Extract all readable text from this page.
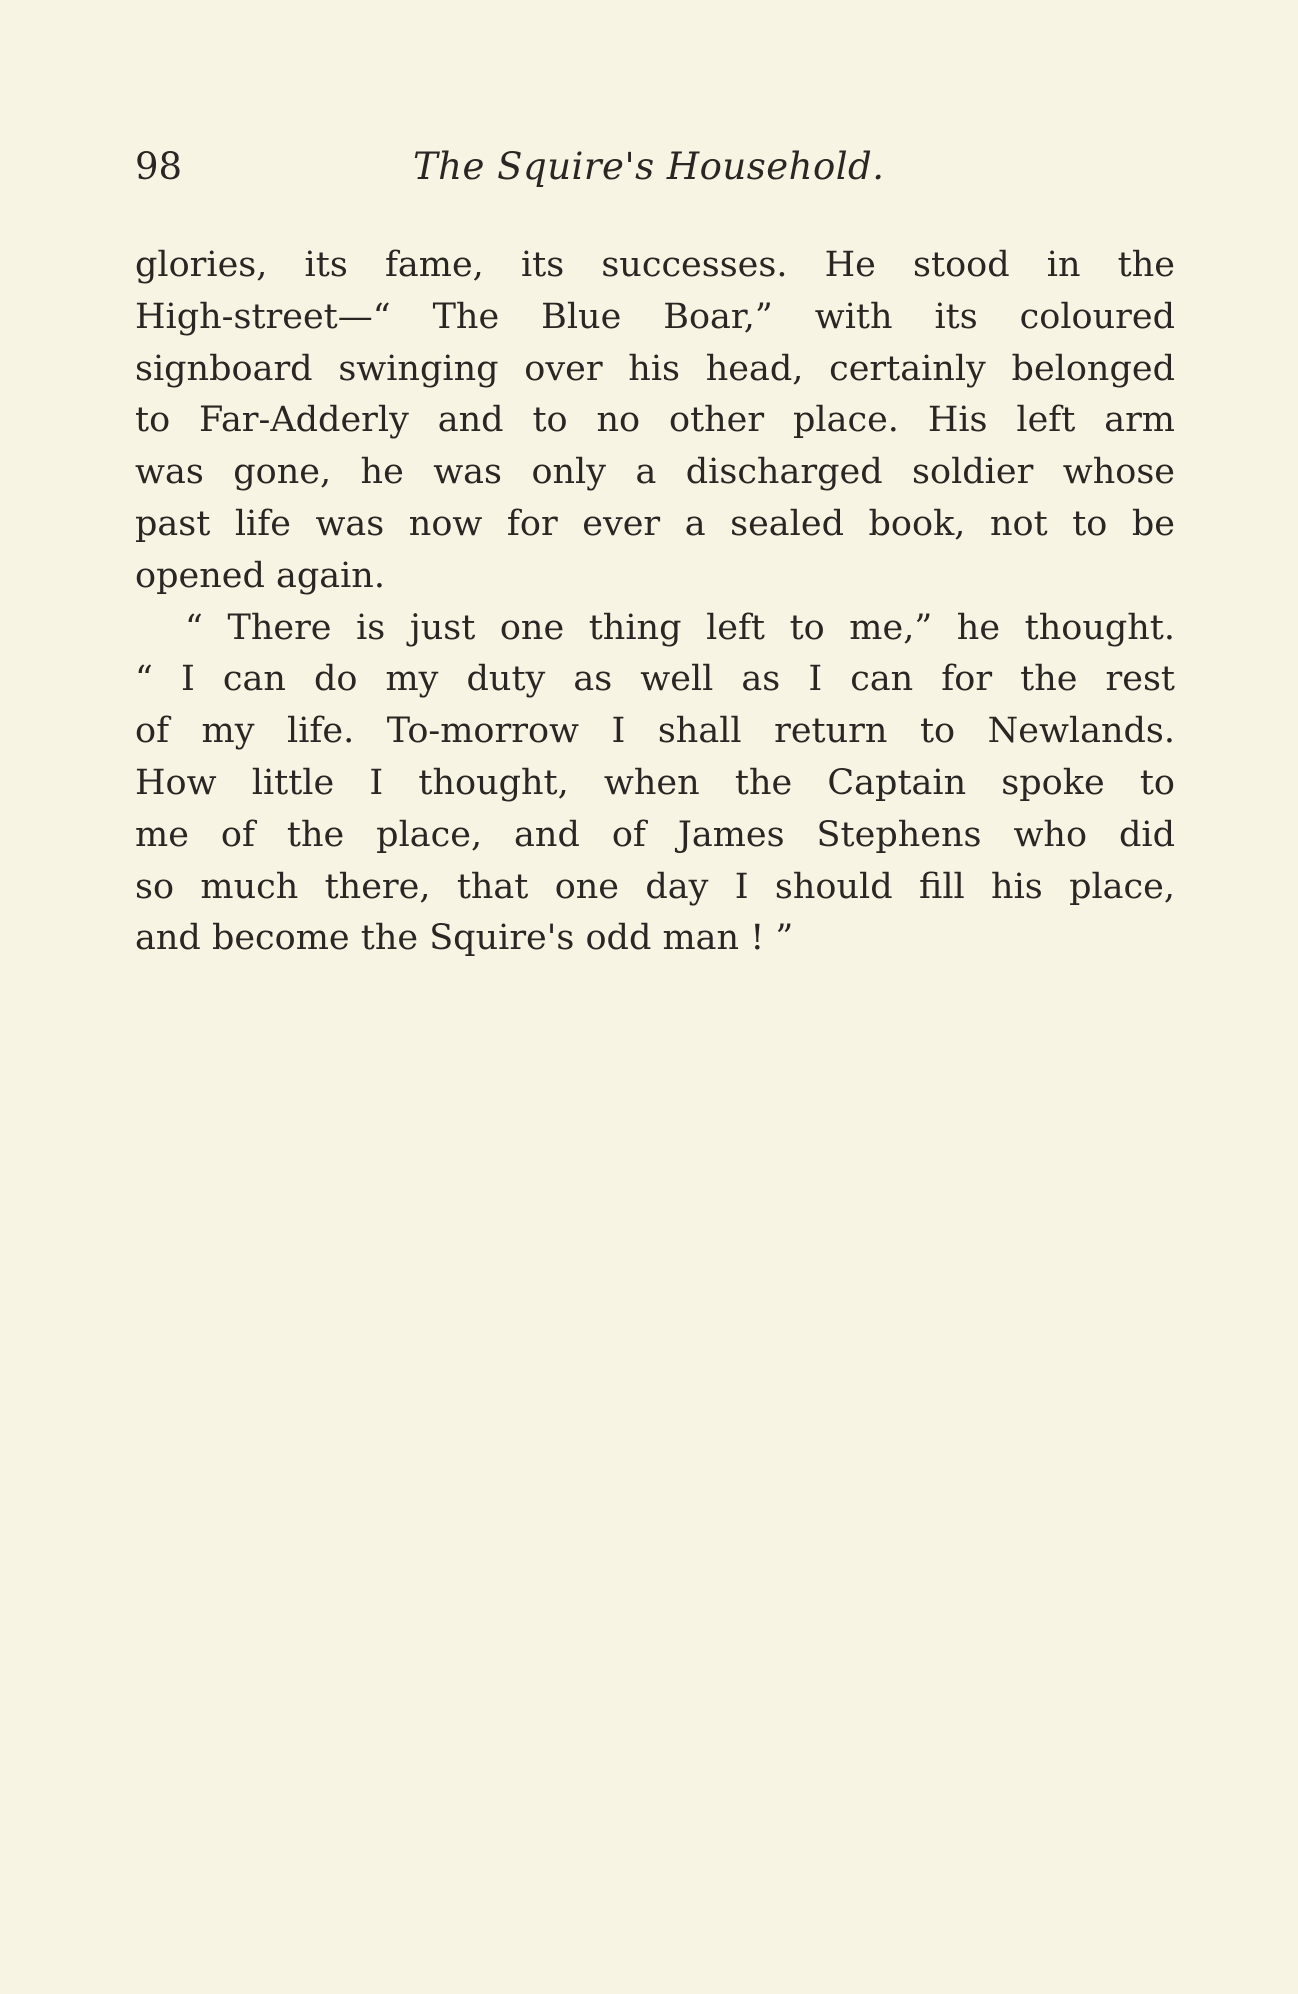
98	The Squire's Household.
glories, its fame, its successes. He stood in the
High-street—“ The Blue Boar,” with its coloured
signboard swinging over his head, certainly belonged
to Far-Adderly and to no other place. His left arm
was gone, he was only a discharged soldier whose
past life was now for ever a sealed book, not to be
opened again.
“ There is just one thing left to me,” he thought.
“ I can do my duty as well as I can for the rest
of my life. To-morrow I shall return to Newlands.
How little I thought, when the Captain spoke to
me of the place, and of James Stephens who did
so much there, that one day I should fill his place,
and become the Squire's odd man ! ”
